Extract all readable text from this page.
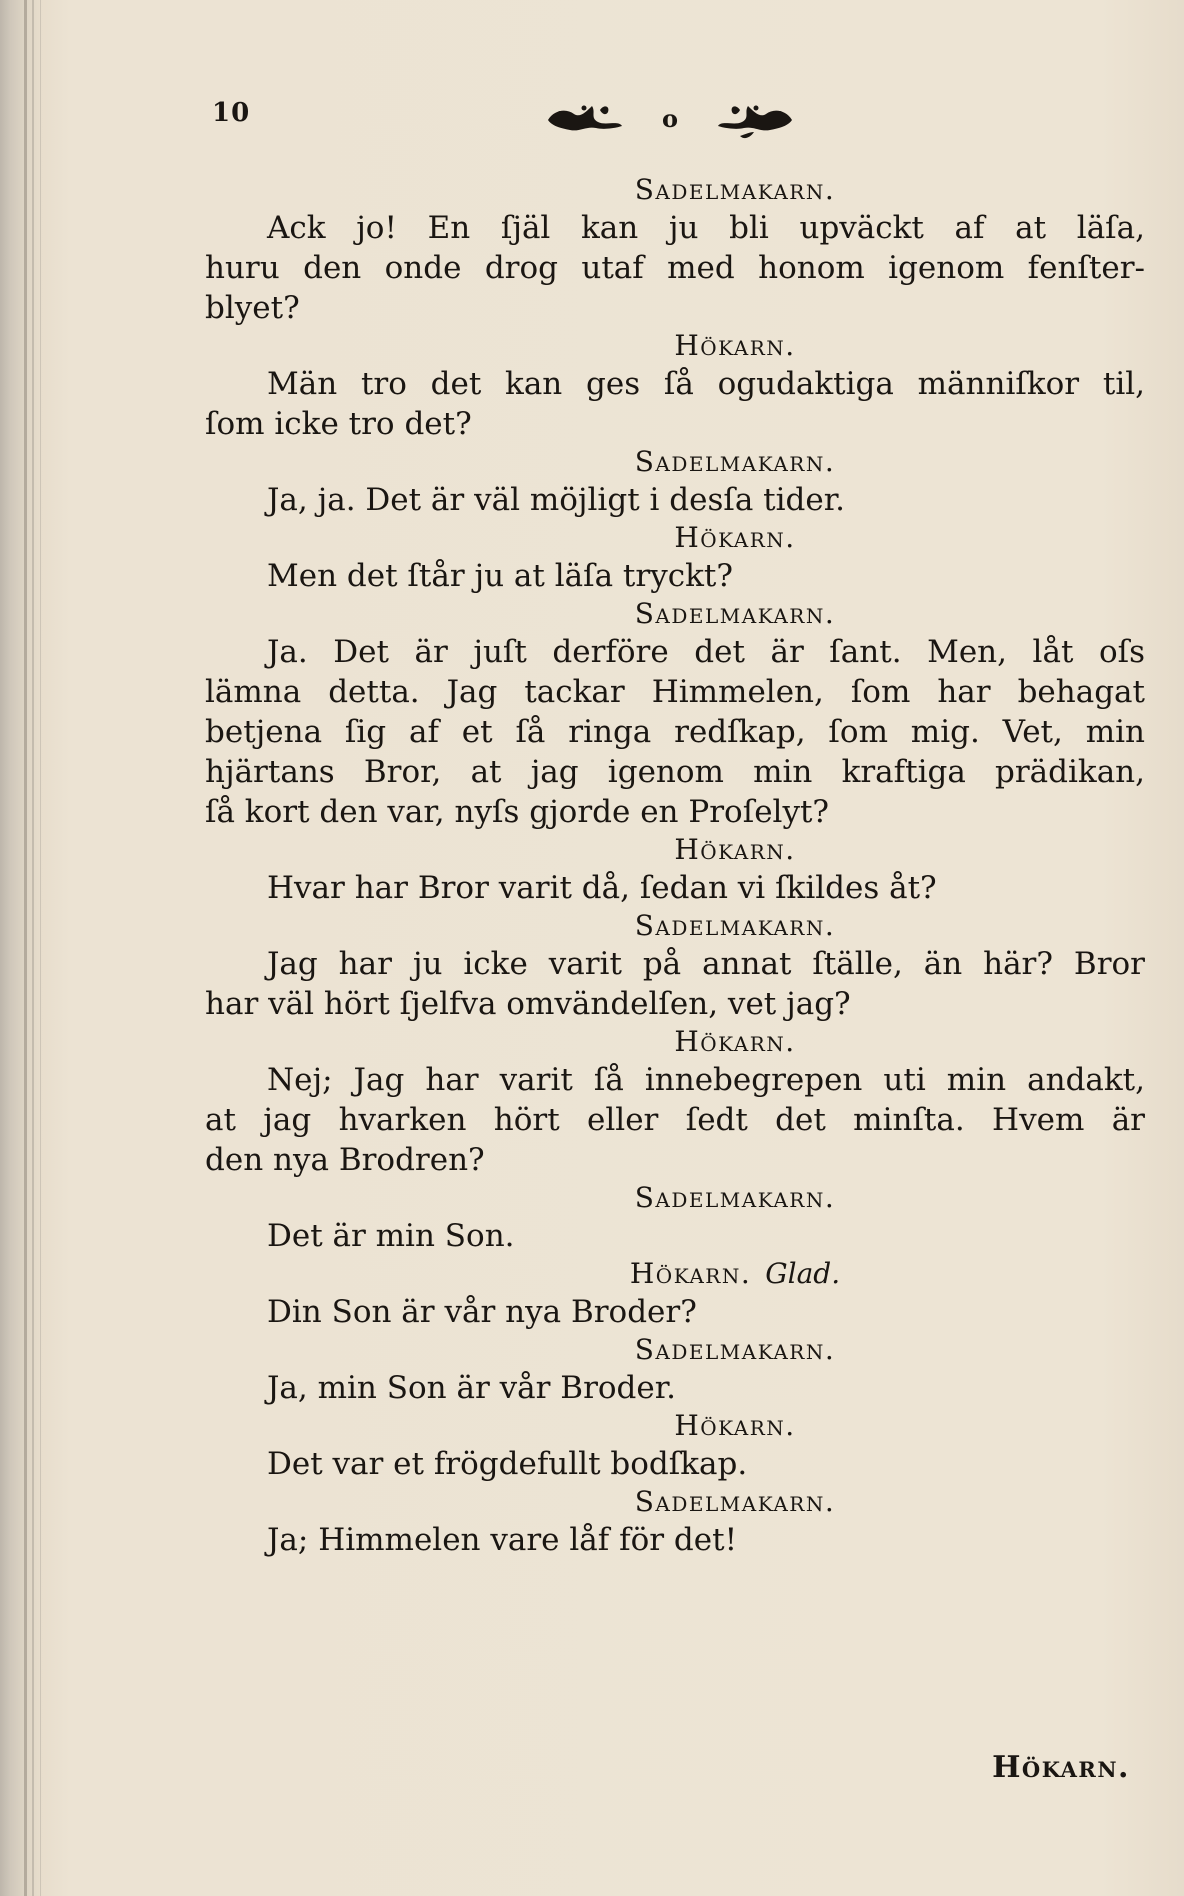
10	o
Sadelmakarn.
Ack jo! En ſjäl kan ju bli upväckt af at läſa,
huru den onde drog utaf med honom igenom fenſter-
blyet?
Hökarn.
Män tro det kan ges ſå ogudaktiga männiſkor til,
ſom icke tro det?
Sadelmakarn.
Ja, ja. Det är väl möjligt i desſa tider.
Hökarn.
Men det ſtår ju at läſa tryckt?
Sadelmakarn.
Ja. Det är juſt derföre det är ſant. Men, låt oſs
lämna detta. Jag tackar Himmelen, ſom har behagat
betjena ſig af et ſå ringa redſkap, ſom mig. Vet, min
hjärtans Bror, at jag igenom min kraftiga prädikan,
ſå kort den var, nyſs gjorde en Proſelyt?
Hökarn.
Hvar har Bror varit då, ſedan vi ſkildes åt?
Sadelmakarn.
Jag har ju icke varit på annat ſtälle, än här? Bror
har väl hört ſjelfva omvändelſen, vet jag?
Hökarn.
Nej; Jag har varit ſå innebegrepen uti min andakt,
at jag hvarken hört eller ſedt det minſta. Hvem är
den nya Brodren?
Sadelmakarn.
Det är min Son.
Hökarn. Glad.
Din Son är vår nya Broder?
Sadelmakarn.
Ja, min Son är vår Broder.
Hökarn.
Det var et frögdefullt bodſkap.
Sadelmakarn.
Ja; Himmelen vare låf för det!
Hökarn.
